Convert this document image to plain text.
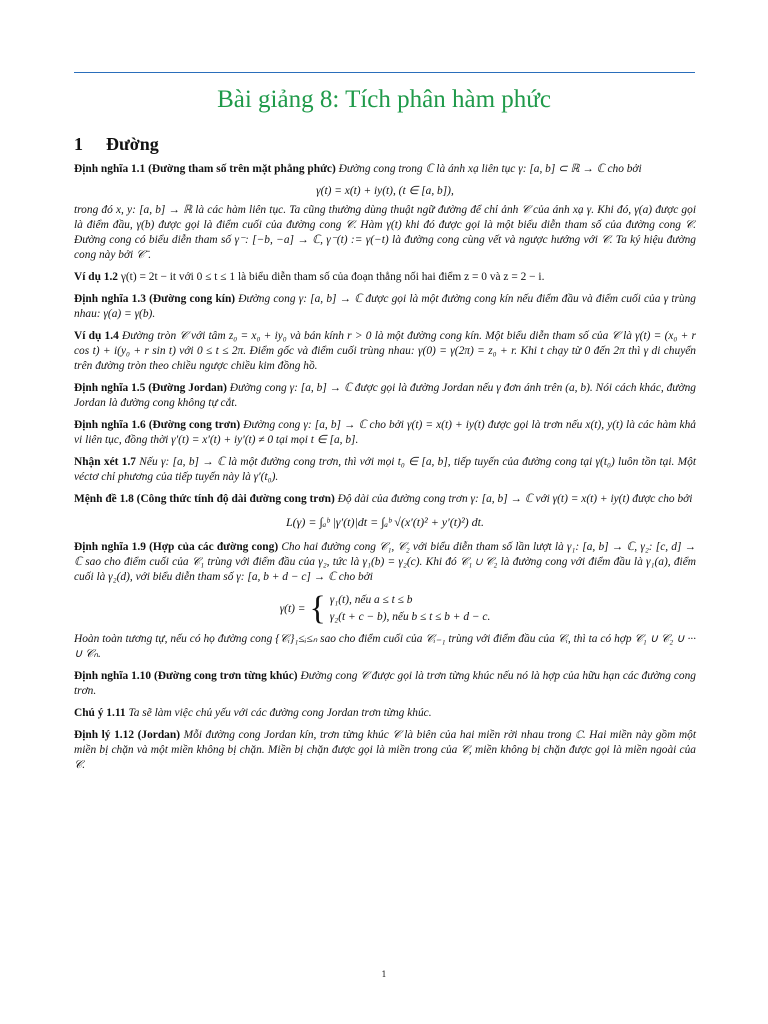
Bài giảng 8: Tích phân hàm phức
1 Đường

Định nghĩa 1.1 (Đường tham số trên mặt phẳng phức) Đường cong trong ℂ là ánh xạ liên tục γ: [a, b] ⊂ ℝ → ℂ cho bởi

γ(t) = x(t) + iy(t), (t ∈ [a, b]),

trong đó x, y: [a, b] → ℝ là các hàm liên tục. Ta cũng thường dùng thuật ngữ đường để chỉ ảnh 𝒞 của ánh xạ γ. Khi đó, γ(a) được gọi là điểm đầu, γ(b) được gọi là điểm cuối của đường cong 𝒞. Hàm γ(t) khi đó được gọi là một biểu diễn tham số của đường cong 𝒞. Đường cong có biểu diễn tham số γ⁻: [−b, −a] → ℂ, γ⁻(t) := γ(−t) là đường cong cùng vết và ngược hướng với 𝒞. Ta ký hiệu đường cong này bởi 𝒞⁻.

Ví dụ 1.2 γ(t) = 2t − it với 0 ≤ t ≤ 1 là biểu diễn tham số của đoạn thẳng nối hai điểm z = 0 và z = 2 − i.

Định nghĩa 1.3 (Đường cong kín) Đường cong γ: [a, b] → ℂ được gọi là một đường cong kín nếu điểm đầu và điểm cuối của γ trùng nhau: γ(a) = γ(b).

Ví dụ 1.4 Đường tròn 𝒞 với tâm z₀ = x₀ + iy₀ và bán kính r > 0 là một đường cong kín. Một biểu diễn tham số của 𝒞 là γ(t) = (x₀ + r cos t) + i(y₀ + r sin t) với 0 ≤ t ≤ 2π. Điểm gốc và điểm cuối trùng nhau: γ(0) = γ(2π) = z₀ + r. Khi t chạy từ 0 đến 2π thì γ di chuyển trên đường tròn theo chiều ngược chiều kim đồng hồ.

Định nghĩa 1.5 (Đường Jordan) Đường cong γ: [a, b] → ℂ được gọi là đường Jordan nếu γ đơn ánh trên (a, b). Nói cách khác, đường Jordan là đường cong không tự cắt.

Định nghĩa 1.6 (Đường cong trơn) Đường cong γ: [a, b] → ℂ cho bởi γ(t) = x(t) + iy(t) được gọi là trơn nếu x(t), y(t) là các hàm khả vi liên tục, đồng thời γ′(t) = x′(t) + iy′(t) ≠ 0 tại mọi t ∈ [a, b].

Nhận xét 1.7 Nếu γ: [a, b] → ℂ là một đường cong trơn, thì với mọi t₀ ∈ [a, b], tiếp tuyến của đường cong tại γ(t₀) luôn tồn tại. Một véctơ chỉ phương của tiếp tuyến này là γ′(t₀).

Mệnh đề 1.8 (Công thức tính độ dài đường cong trơn) Độ dài của đường cong trơn γ: [a, b] → ℂ với γ(t) = x(t) + iy(t) được cho bởi

L(γ) = ∫ₐᵇ |γ′(t)|dt = ∫ₐᵇ √(x′(t)² + y′(t)²) dt.

Định nghĩa 1.9 (Hợp của các đường cong) Cho hai đường cong 𝒞₁, 𝒞₂ với biểu diễn tham số lần lượt là γ₁: [a, b] → ℂ, γ₂: [c, d] → ℂ sao cho điểm cuối của 𝒞₁ trùng với điểm đầu của γ₂, tức là γ₁(b) = γ₂(c). Khi đó 𝒞₁ ∪ 𝒞₂ là đường cong với điểm đầu là γ₁(a), điểm cuối là γ₂(d), với biểu diễn tham số γ: [a, b + d − c] → ℂ cho bởi

γ(t) = { γ₁(t), nếu a ≤ t ≤ b
γ₂(t + c − b), nếu b ≤ t ≤ b + d − c.

Hoàn toàn tương tự, nếu có họ đường cong {𝒞ᵢ}₁≤ᵢ≤ₙ sao cho điểm cuối của 𝒞ᵢ₋₁ trùng với điểm đầu của 𝒞ᵢ, thì ta có hợp 𝒞₁ ∪ 𝒞₂ ∪ ··· ∪ 𝒞ₙ.

Định nghĩa 1.10 (Đường cong trơn từng khúc) Đường cong 𝒞 được gọi là trơn từng khúc nếu nó là hợp của hữu hạn các đường cong trơn.

Chú ý 1.11 Ta sẽ làm việc chủ yếu với các đường cong Jordan trơn từng khúc.

Định lý 1.12 (Jordan) Mỗi đường cong Jordan kín, trơn từng khúc 𝒞 là biên của hai miền rời nhau trong ℂ. Hai miền này gồm một miền bị chặn và một miền không bị chặn. Miền bị chặn được gọi là miền trong của 𝒞, miền không bị chặn được gọi là miền ngoài của 𝒞.

1
